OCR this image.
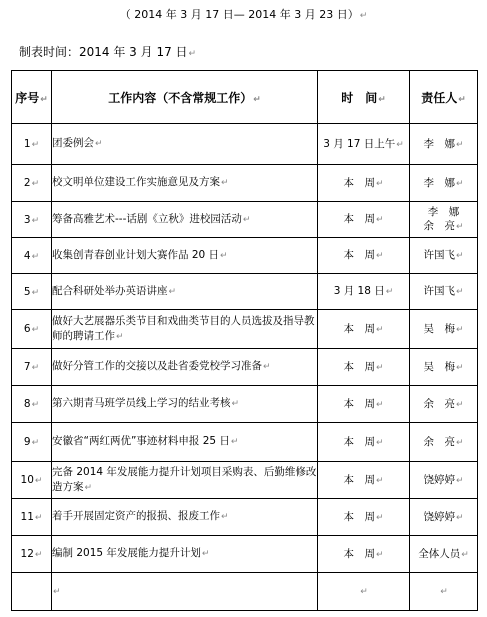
（ 2014 年 3 月 17 日— 2014 年 3 月 23 日）↵
制表时间：2014 年 3 月 17 日↵
序号↵	工作内容（不含常规工作）↵	时　间↵	责任人↵
1↵	团委例会↵	3 月 17 日上午↵	李　娜↵
2↵	校文明单位建设工作实施意见及方案↵	本　周↵	李　娜↵
3↵	筹备高雅艺术---话剧《立秋》进校园活动↵	本　周↵	李　娜
余　亮↵
4↵	收集创青春创业计划大赛作品 20 日↵	本　周↵	许国飞↵
5↵	配合科研处举办英语讲座↵	3 月 18 日↵	许国飞↵
6↵	做好大艺展器乐类节目和戏曲类节目的人员选拔及指导教师的聘请工作↵	本　周↵	吴　梅↵
7↵	做好分管工作的交接以及赴省委党校学习准备↵	本　周↵	吴　梅↵
8↵	第六期青马班学员线上学习的结业考核↵	本　周↵	余　亮↵
9↵	安徽省“两红两优”事迹材料申报 25 日↵	本　周↵	余　亮↵
10↵	完备 2014 年发展能力提升计划项目采购表、后勤维修改造方案↵	本　周↵	饶婷婷↵
11↵	着手开展固定资产的报损、报废工作↵	本　周↵	饶婷婷↵
12↵	编制 2015 年发展能力提升计划↵	本　周↵	全体人员↵
	↵	↵	↵
